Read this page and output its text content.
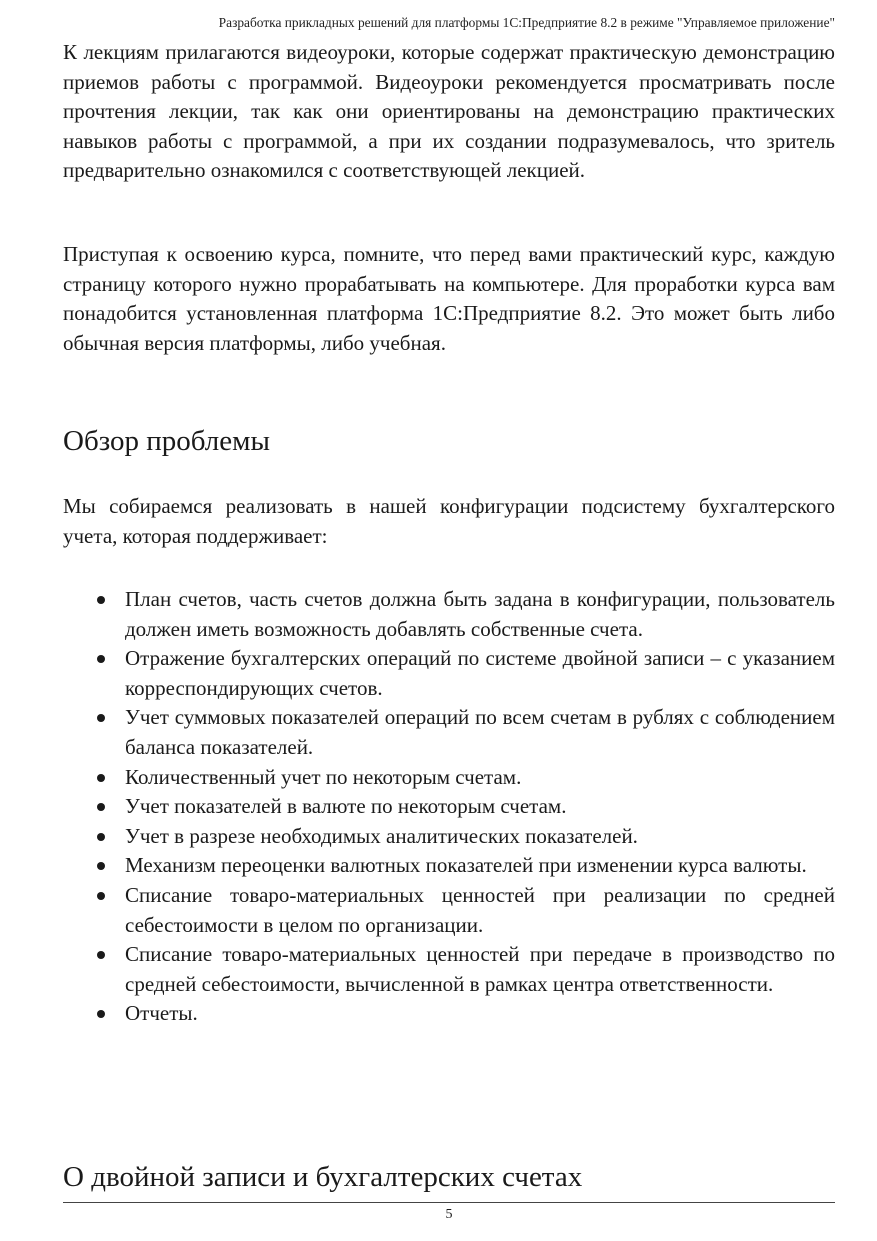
Разработка прикладных решений для платформы 1С:Предприятие 8.2 в режиме "Управляемое приложение"

К лекциям прилагаются видеоуроки, которые содержат практическую демонстрацию приемов работы с программой. Видеоуроки рекомендуется просматривать после прочтения лекции, так как они ориентированы на демонстрацию практических навыков работы с программой, а при их создании подразумевалось, что зритель предварительно ознакомился с соответствующей лекцией.

Приступая к освоению курса, помните, что перед вами практический курс, каждую страницу которого нужно прорабатывать на компьютере. Для проработки курса вам понадобится установленная платформа 1С:Предприятие 8.2. Это может быть либо обычная версия платформы, либо учебная.

Обзор проблемы

Мы собираемся реализовать в нашей конфигурации подсистему бухгалтерского учета, которая поддерживает:

План счетов, часть счетов должна быть задана в конфигурации, пользователь должен иметь возможность добавлять собственные счета.
Отражение бухгалтерских операций по системе двойной записи – с указанием корреспондирующих счетов.
Учет суммовых показателей операций по всем счетам в рублях с соблюдением баланса показателей.
Количественный учет по некоторым счетам.
Учет показателей в валюте по некоторым счетам.
Учет в разрезе необходимых аналитических показателей.
Механизм переоценки валютных показателей при изменении курса валюты.
Списание товаро-материальных ценностей при реализации по средней себестоимости в целом по организации.
Списание товаро-материальных ценностей при передаче в производство по средней себестоимости, вычисленной в рамках центра ответственности.
Отчеты.
О двойной записи и бухгалтерских счетах
5
